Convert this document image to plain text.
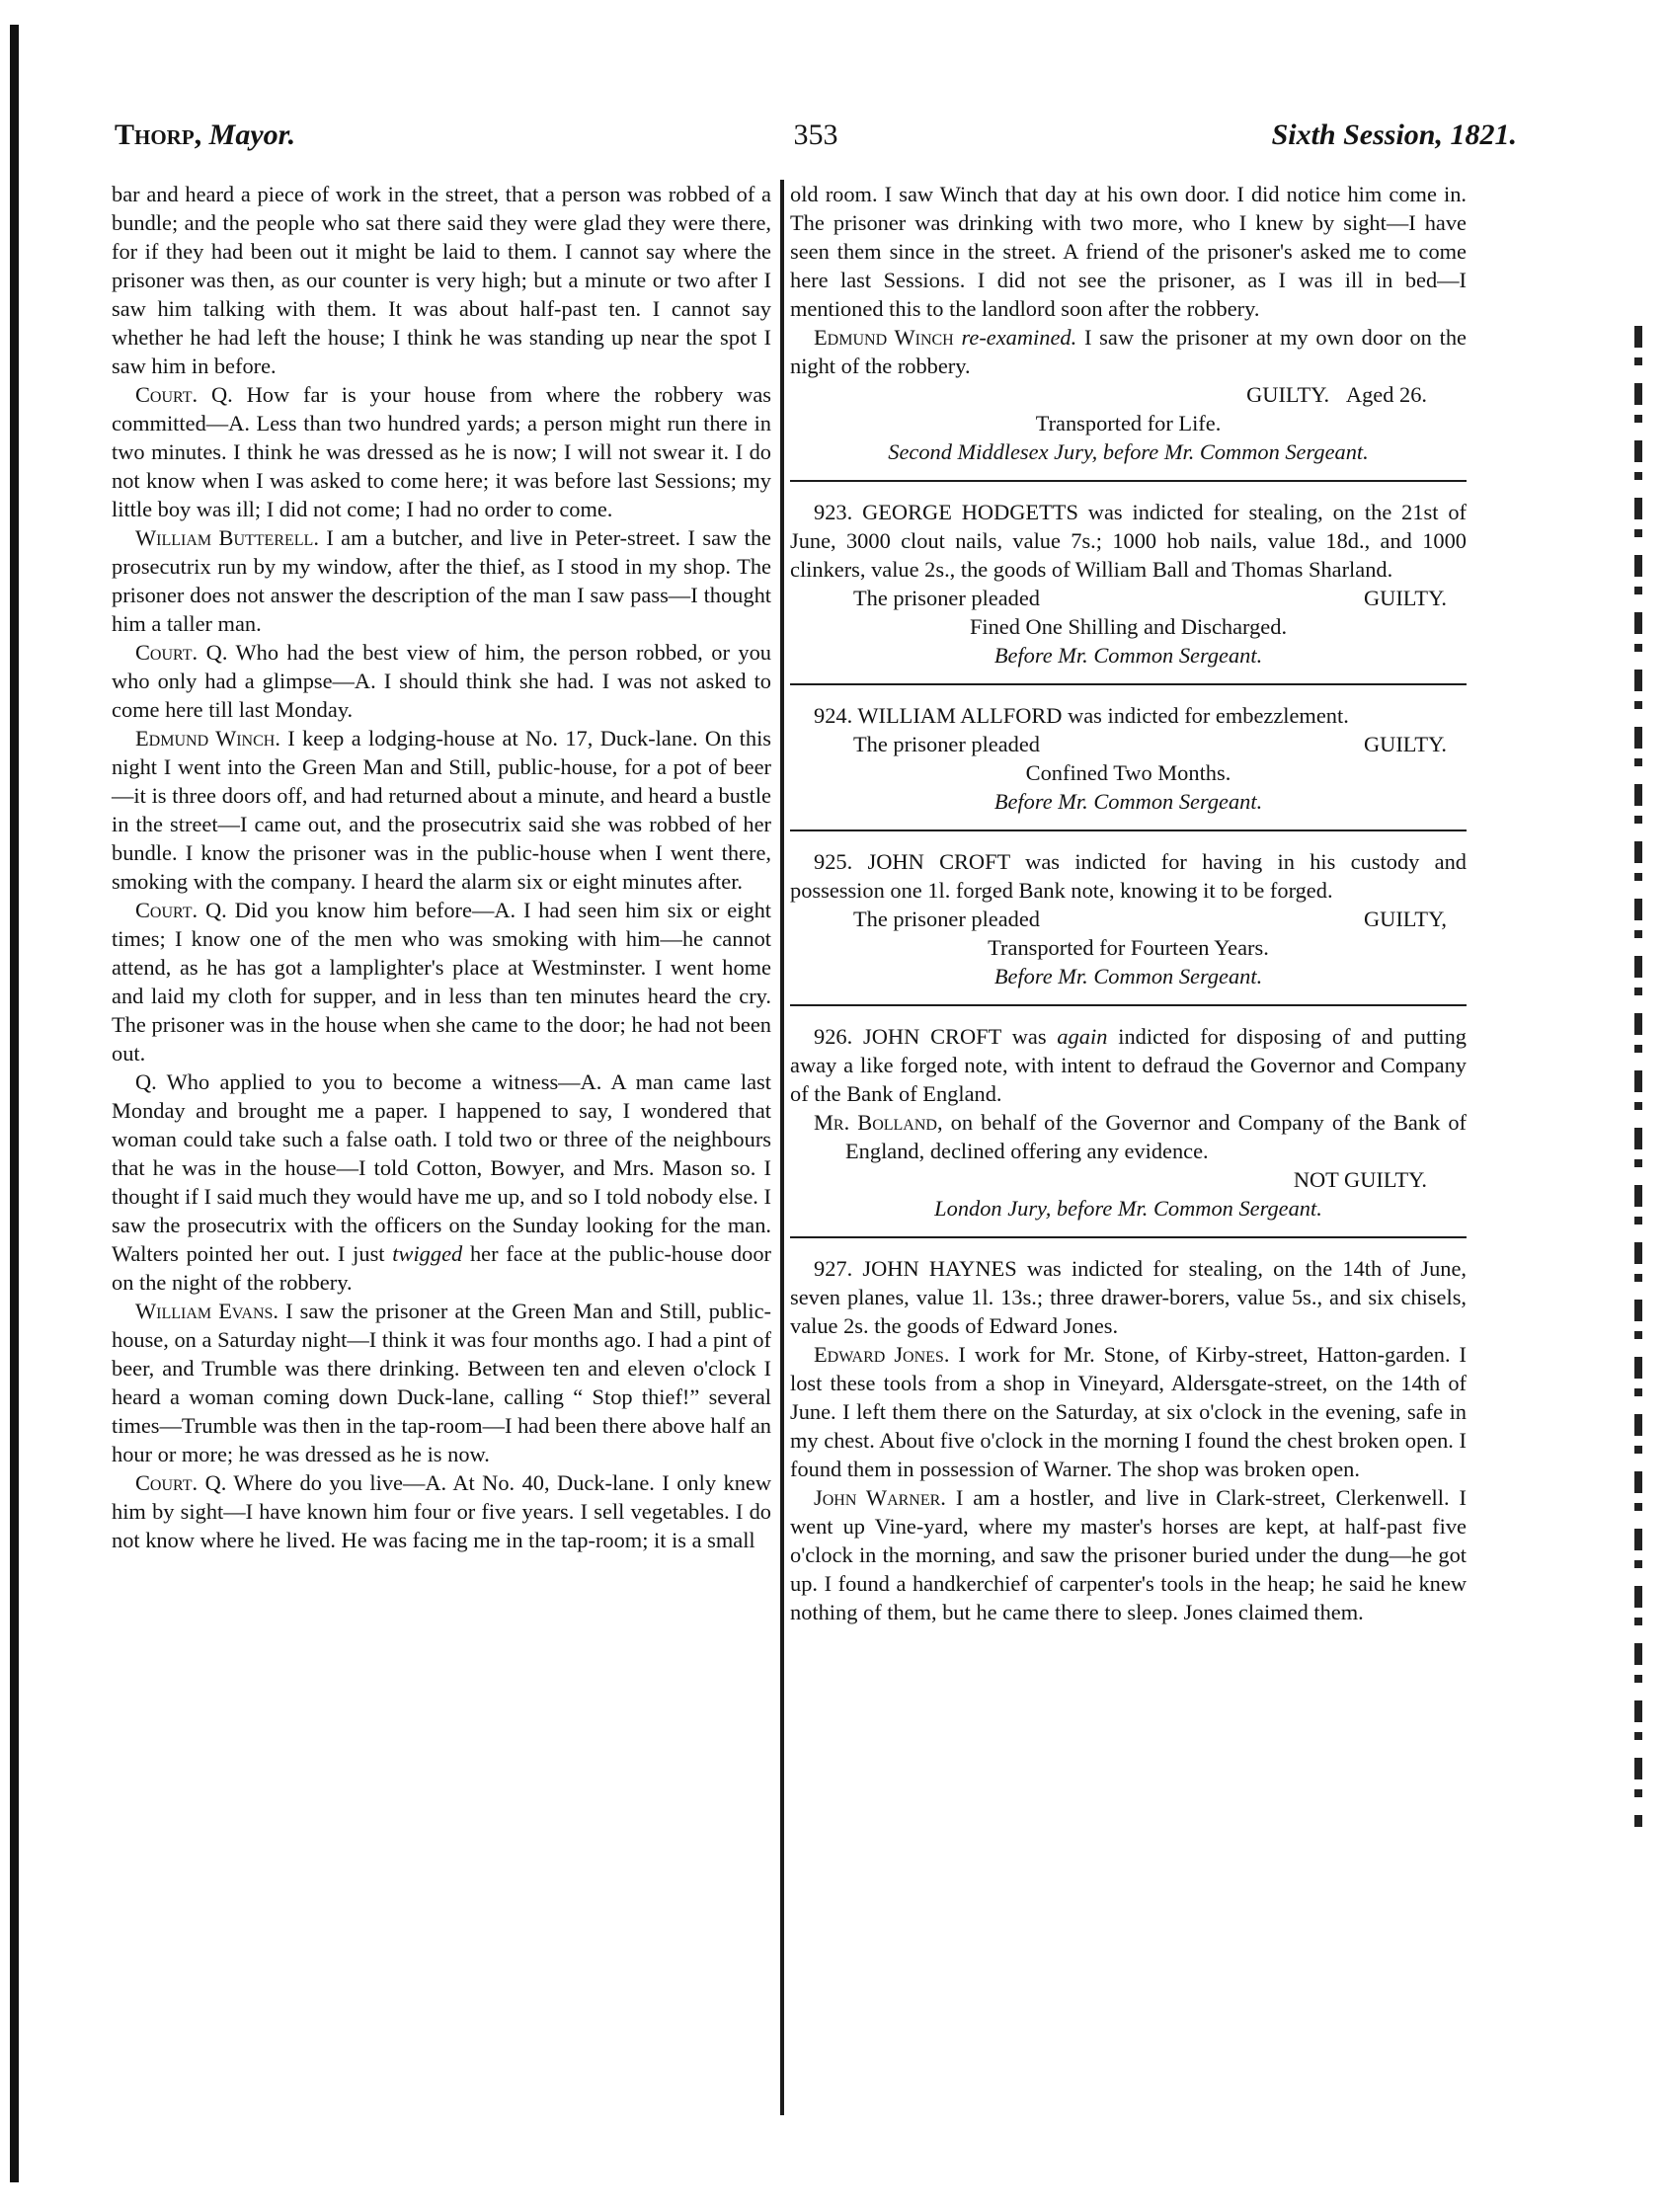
Thorp, Mayor.	353	Sixth Session, 1821.

bar and heard a piece of work in the street, that a person was robbed of a bundle; and the people who sat there said they were glad they were there, for if they had been out it might be laid to them. I cannot say where the prisoner was then, as our counter is very high; but a minute or two after I saw him talking with them. It was about half-past ten. I cannot say whether he had left the house; I think he was standing up near the spot I saw him in before.

Court. Q. How far is your house from where the robbery was committed—A. Less than two hundred yards; a person might run there in two minutes. I think he was dressed as he is now; I will not swear it. I do not know when I was asked to come here; it was before last Sessions; my little boy was ill; I did not come; I had no order to come.

William Butterell. I am a butcher, and live in Peter-street. I saw the prosecutrix run by my window, after the thief, as I stood in my shop. The prisoner does not answer the description of the man I saw pass—I thought him a taller man.

Court. Q. Who had the best view of him, the person robbed, or you who only had a glimpse—A. I should think she had. I was not asked to come here till last Monday.

Edmund Winch. I keep a lodging-house at No. 17, Duck-lane. On this night I went into the Green Man and Still, public-house, for a pot of beer—it is three doors off, and had returned about a minute, and heard a bustle in the street—I came out, and the prosecutrix said she was robbed of her bundle. I know the prisoner was in the public-house when I went there, smoking with the company. I heard the alarm six or eight minutes after.

Court. Q. Did you know him before—A. I had seen him six or eight times; I know one of the men who was smoking with him—he cannot attend, as he has got a lamplighter's place at Westminster. I went home and laid my cloth for supper, and in less than ten minutes heard the cry. The prisoner was in the house when she came to the door; he had not been out.

Q. Who applied to you to become a witness—A. A man came last Monday and brought me a paper. I happened to say, I wondered that woman could take such a false oath. I told two or three of the neighbours that he was in the house—I told Cotton, Bowyer, and Mrs. Mason so. I thought if I said much they would have me up, and so I told nobody else. I saw the prosecutrix with the officers on the Sunday looking for the man. Walters pointed her out. I just twigged her face at the public-house door on the night of the robbery.

William Evans. I saw the prisoner at the Green Man and Still, public-house, on a Saturday night—I think it was four months ago. I had a pint of beer, and Trumble was there drinking. Between ten and eleven o'clock I heard a woman coming down Duck-lane, calling “ Stop thief!” several times—Trumble was then in the tap-room—I had been there above half an hour or more; he was dressed as he is now.

Court. Q. Where do you live—A. At No. 40, Duck-lane. I only knew him by sight—I have known him four or five years. I sell vegetables. I do not know where he lived. He was facing me in the tap-room; it is a small

old room. I saw Winch that day at his own door. I did notice him come in. The prisoner was drinking with two more, who I knew by sight—I have seen them since in the street. A friend of the prisoner's asked me to come here last Sessions. I did not see the prisoner, as I was ill in bed—I mentioned this to the landlord soon after the robbery.

Edmund Winch re-examined. I saw the prisoner at my own door on the night of the robbery.

GUILTY. Aged 26.

Transported for Life.

Second Middlesex Jury, before Mr. Common Sergeant.

923. GEORGE HODGETTS was indicted for stealing, on the 21st of June, 3000 clout nails, value 7s.; 1000 hob nails, value 18d., and 1000 clinkers, value 2s., the goods of William Ball and Thomas Sharland.

The prisoner pleaded	GUILTY.

Fined One Shilling and Discharged.

Before Mr. Common Sergeant.

924. WILLIAM ALLFORD was indicted for embezzlement.

The prisoner pleaded	GUILTY.

Confined Two Months.

Before Mr. Common Sergeant.

925. JOHN CROFT was indicted for having in his custody and possession one 1l. forged Bank note, knowing it to be forged.

The prisoner pleaded	GUILTY,

Transported for Fourteen Years.

Before Mr. Common Sergeant.

926. JOHN CROFT was again indicted for disposing of and putting away a like forged note, with intent to defraud the Governor and Company of the Bank of England.

Mr. Bolland, on behalf of the Governor and Company of the Bank of England, declined offering any evidence.

NOT GUILTY.

London Jury, before Mr. Common Sergeant.

927. JOHN HAYNES was indicted for stealing, on the 14th of June, seven planes, value 1l. 13s.; three drawer-borers, value 5s., and six chisels, value 2s. the goods of Edward Jones.

Edward Jones. I work for Mr. Stone, of Kirby-street, Hatton-garden. I lost these tools from a shop in Vineyard, Aldersgate-street, on the 14th of June. I left them there on the Saturday, at six o'clock in the evening, safe in my chest. About five o'clock in the morning I found the chest broken open. I found them in possession of Warner. The shop was broken open.

John Warner. I am a hostler, and live in Clark-street, Clerkenwell. I went up Vine-yard, where my master's horses are kept, at half-past five o'clock in the morning, and saw the prisoner buried under the dung—he got up. I found a handkerchief of carpenter's tools in the heap; he said he knew nothing of them, but he came there to sleep. Jones claimed them.
